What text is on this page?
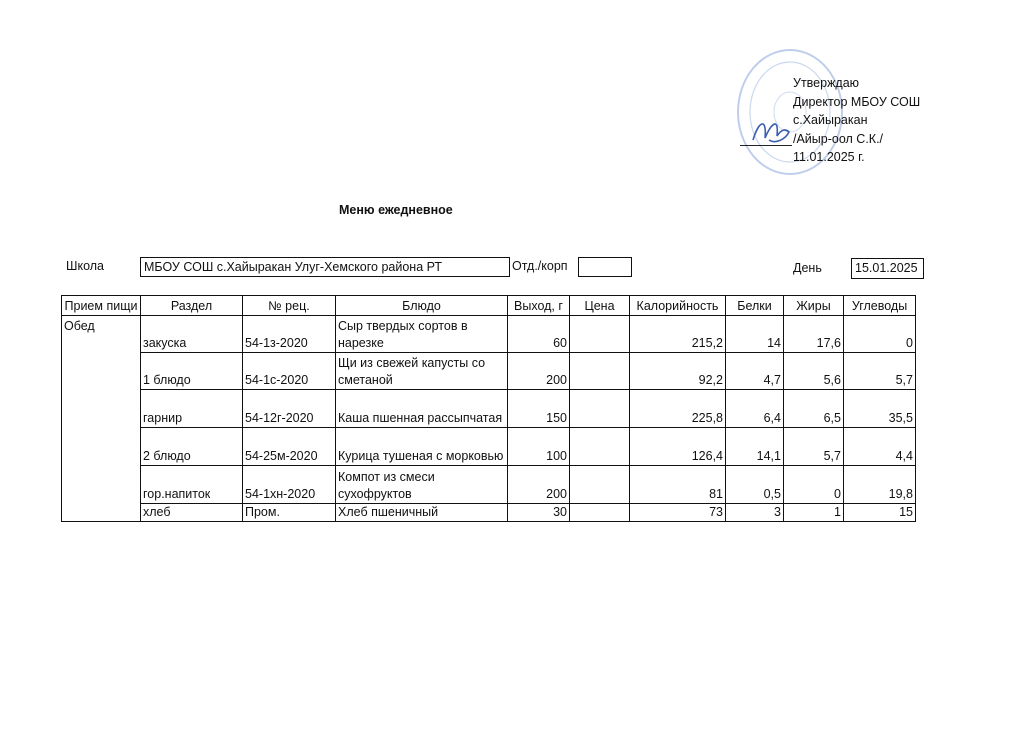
Утверждаю
Директор МБОУ СОШ
с.Хайыракан
/Айыр-оол С.К./
11.01.2025 г.
Меню ежедневное
Школа	МБОУ СОШ с.Хайыракан Улуг-Хемского района РТ	Отд./корп	День	15.01.2025
Прием пищи	Раздел	№ рец.	Блюдо	Выход, г	Цена	Калорийность	Белки	Жиры	Углеводы
Обед	закуска	54-1з-2020	Сыр твердых сортов в нарезке	60		215,2	14	17,6	0
	1 блюдо	54-1с-2020	Щи из свежей капусты со сметаной	200		92,2	4,7	5,6	5,7
	гарнир	54-12г-2020	Каша пшенная рассыпчатая	150		225,8	6,4	6,5	35,5
	2 блюдо	54-25м-2020	Курица тушеная с морковью	100		126,4	14,1	5,7	4,4
	гор.напиток	54-1хн-2020	Компот из смеси сухофруктов	200		81	0,5	0	19,8
	хлеб	Пром.	Хлеб пшеничный	30		73	3	1	15
